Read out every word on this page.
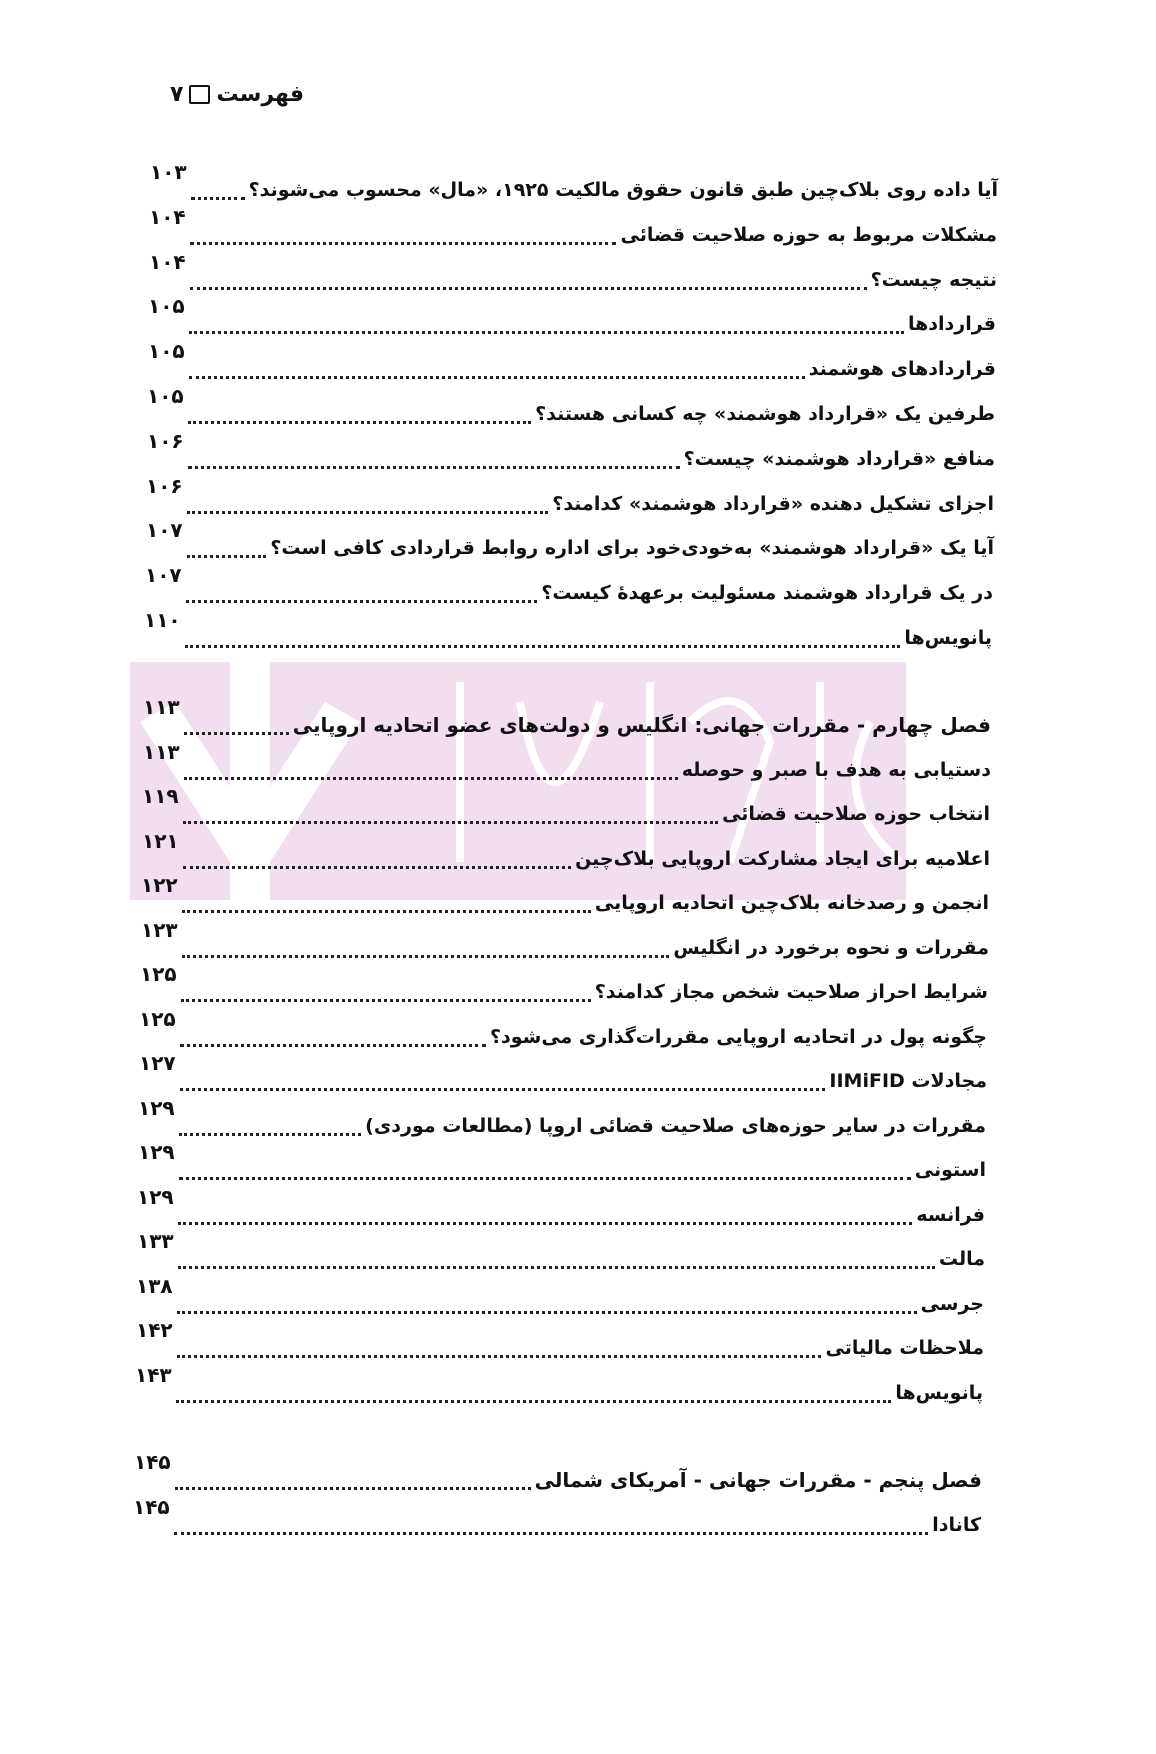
۷ فهرست
۱۰۳
آیا داده روی بلاک‌چین طبق قانون حقوق مالکیت ۱۹۲۵، «مال» محسوب می‌شوند؟
۱۰۴
مشکلات مربوط به حوزه صلاحیت قضائی
۱۰۴
نتیجه چیست؟
۱۰۵
قراردادها
۱۰۵
قراردادهای هوشمند
۱۰۵
طرفین یک «قرارداد هوشمند» چه کسانی هستند؟
۱۰۶
منافع «قرارداد هوشمند» چیست؟
۱۰۶
اجزای تشکیل دهنده «قرارداد هوشمند» کدامند؟
۱۰۷
آیا یک «قرارداد هوشمند» به‌خودی‌خود برای اداره روابط قراردادی کافی است؟
۱۰۷
در یک قرارداد هوشمند مسئولیت برعهدهٔ کیست؟
۱۱۰
پانویس‌ها
۱۱۳
فصل چهارم - مقررات جهانی: انگلیس و دولت‌های عضو اتحادیه اروپایی
۱۱۳
دستیابی به هدف با صبر و حوصله
۱۱۹
انتخاب حوزه صلاحیت قضائی
۱۲۱
اعلامیه برای ایجاد مشارکت اروپایی بلاک‌چین
۱۲۲
انجمن و رصدخانه بلاک‌چین اتحادیه اروپایی
۱۲۳
مقررات و نحوه برخورد در انگلیس
۱۲۵
شرایط احراز صلاحیت شخص مجاز کدامند؟
۱۲۵
چگونه پول در اتحادیه اروپایی مقررات‌گذاری می‌شود؟
۱۲۷
مجادلات IIMiFID
۱۲۹
مقررات در سایر حوزه‌های صلاحیت قضائی اروپا (مطالعات موردی)
۱۲۹
استونی
۱۲۹
فرانسه
۱۳۳
مالت
۱۳۸
جرسی
۱۴۲
ملاحظات مالیاتی
۱۴۳
پانویس‌ها
۱۴۵
فصل پنجم - مقررات جهانی - آمریکای شمالی
۱۴۵
کانادا
